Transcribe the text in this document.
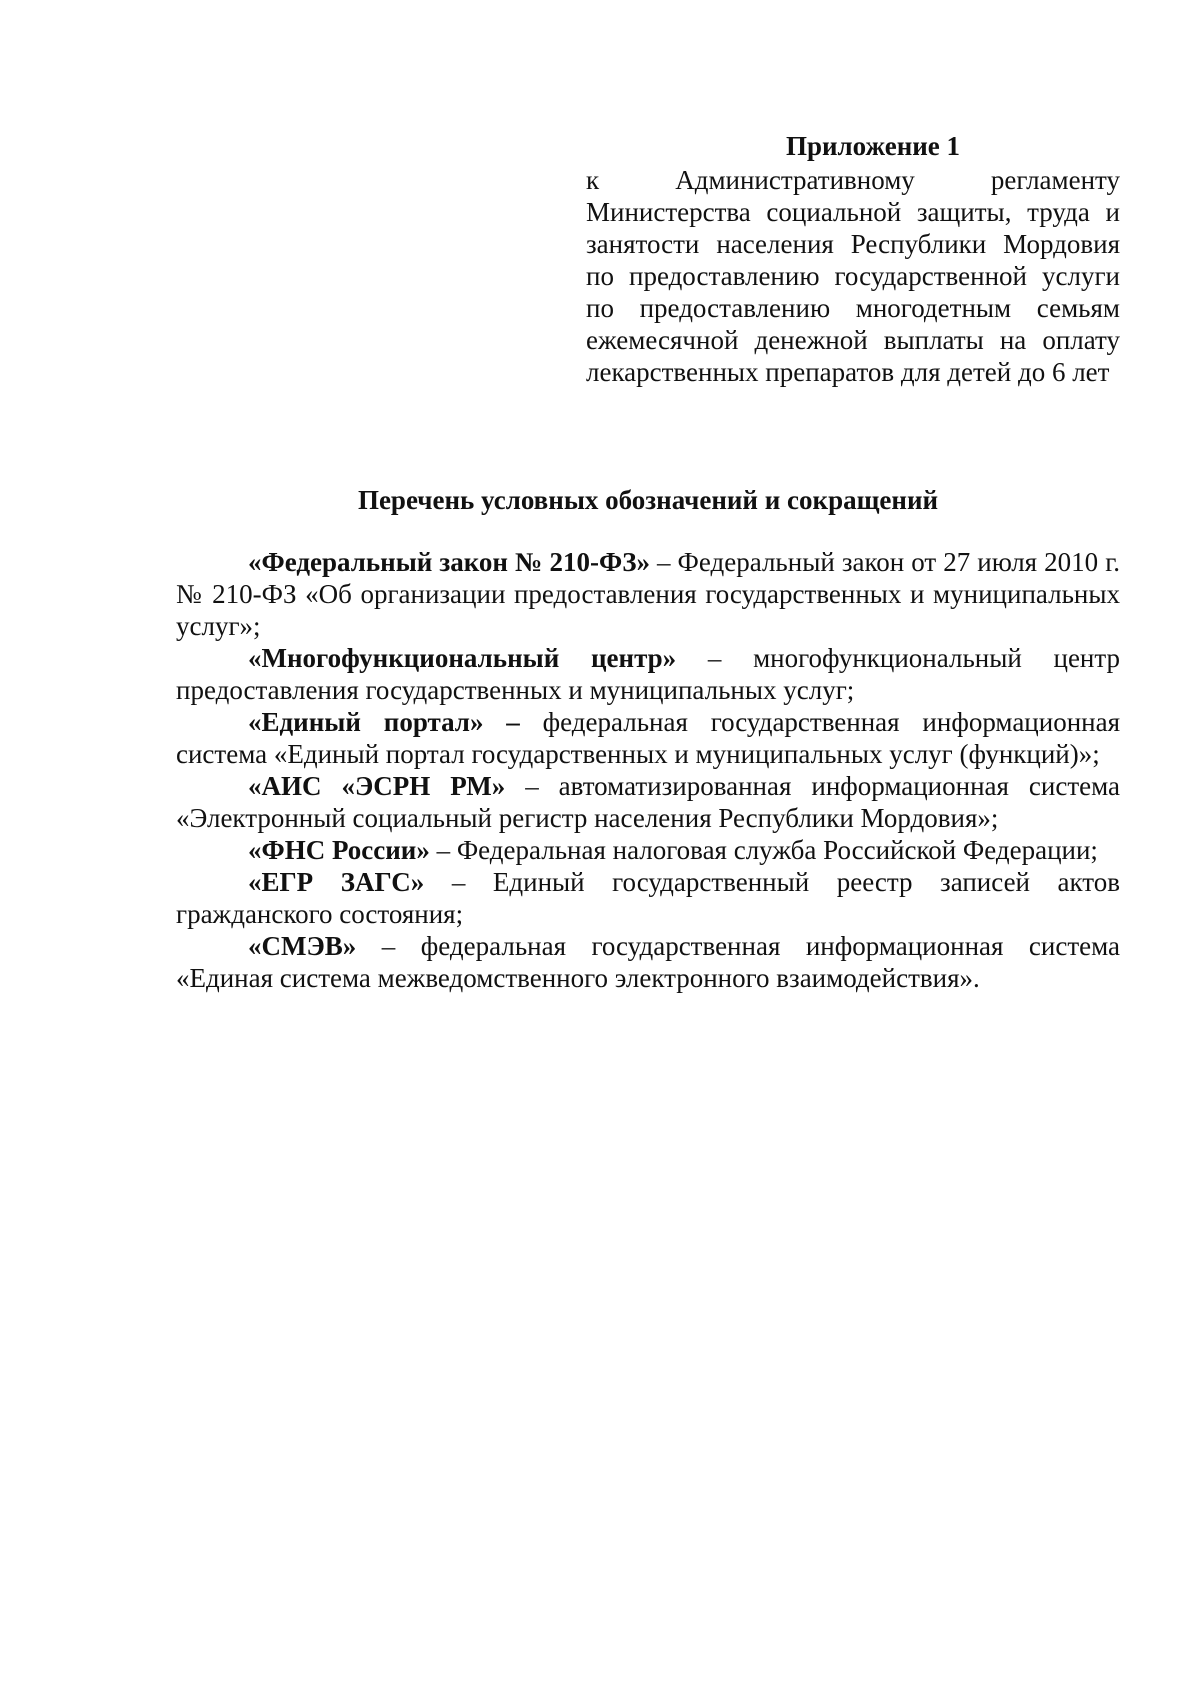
Приложение 1

к Административному регламенту Министерства социальной защиты, труда и занятости населения Республики Мордовия по предоставлению государственной услуги по предоставлению многодетным семьям ежемесячной денежной выплаты на оплату лекарственных препаратов для детей до 6 лет

Перечень условных обозначений и сокращений

«Федеральный закон № 210-ФЗ» – Федеральный закон от 27 июля 2010 г. № 210-ФЗ «Об организации предоставления государственных и муниципальных услуг»;

«Многофункциональный центр» – многофункциональный центр предоставления государственных и муниципальных услуг;

«Единый портал» – федеральная государственная информационная система «Единый портал государственных и муниципальных услуг (функций)»;

«АИС «ЭСРН РМ» – автоматизированная информационная система «Электронный социальный регистр населения Республики Мордовия»;

«ФНС России» – Федеральная налоговая служба Российской Федерации;

«ЕГР ЗАГС» – Единый государственный реестр записей актов гражданского состояния;

«СМЭВ» – федеральная государственная информационная система «Единая система межведомственного электронного взаимодействия».
